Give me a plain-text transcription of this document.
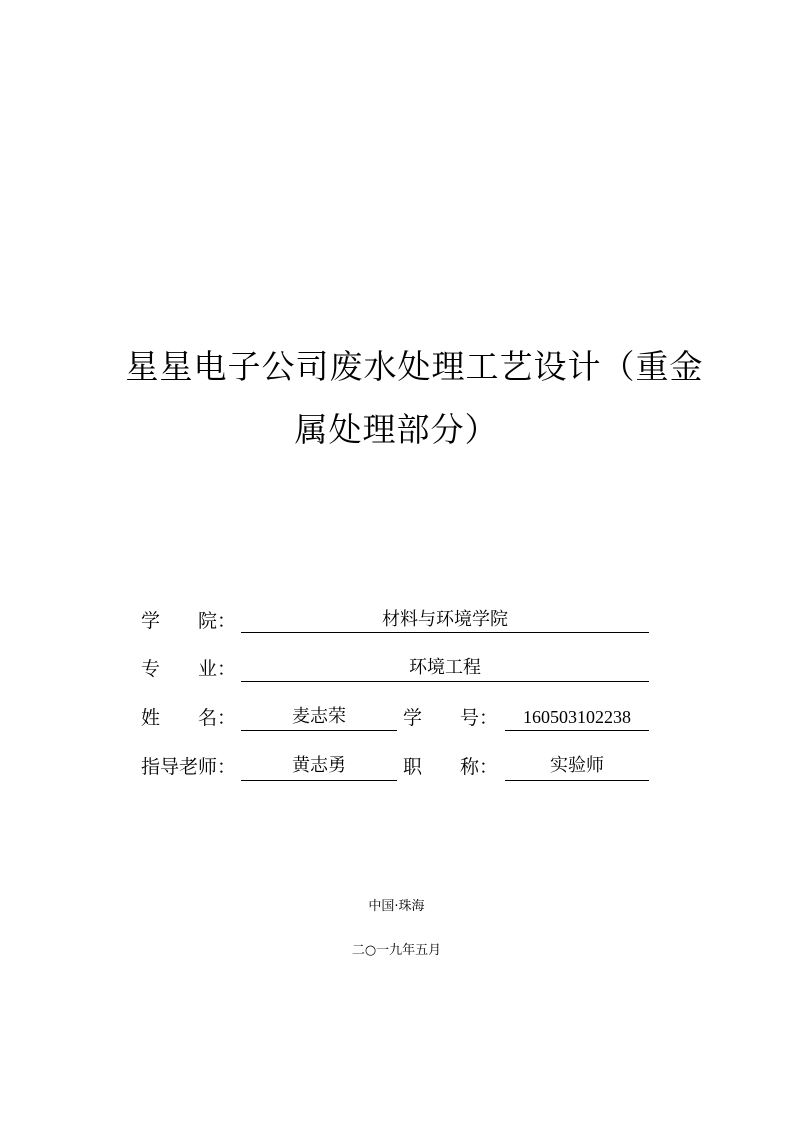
星星电子公司废水处理工艺设计（重金
属处理部分）
学　　院：	材料与环境学院
专　　业：	环境工程
姓　　名：	麦志荣	学　　号：	160503102238
指导老师：	黄志勇	职　　称：	实验师
中国·珠海
二○一九年五月
